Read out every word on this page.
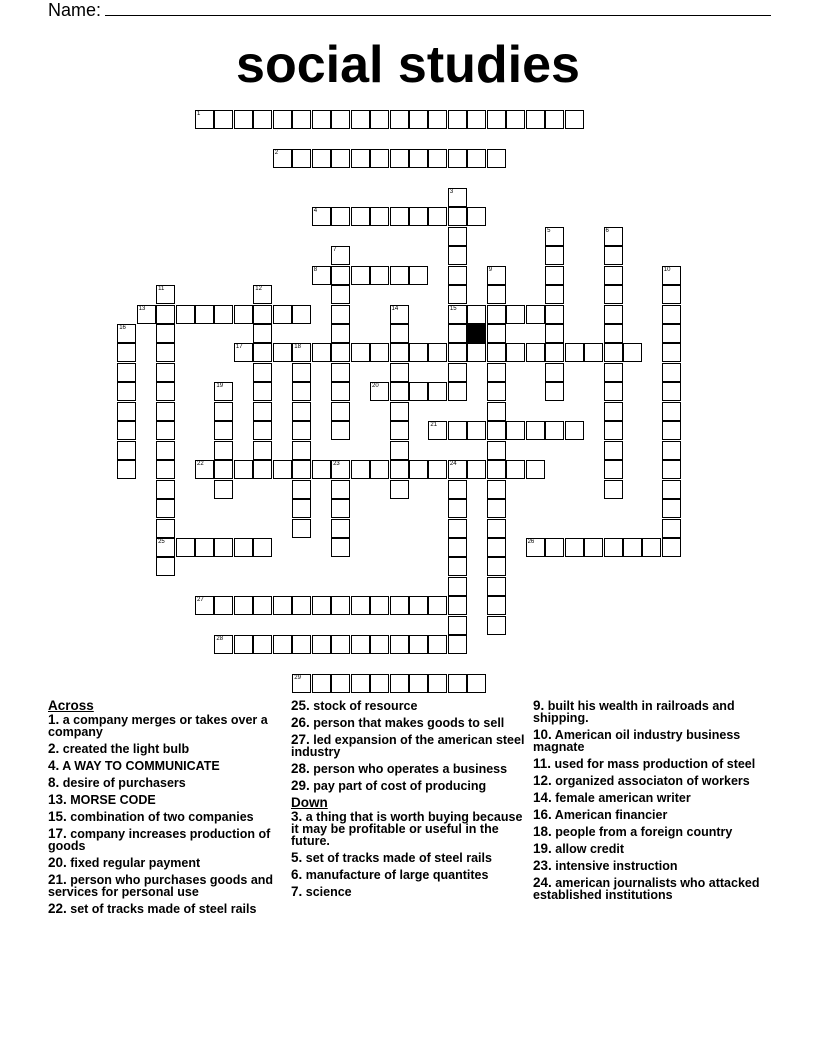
Name:
social studies
1
2
4
8
13	15
17	18
20
21
22	23	24
25	26
27
28
29
3
5	6
7
9	10
11	12
14
16
19
Across
1. a company merges or takes over a company
2. created the light bulb
4. A WAY TO COMMUNICATE
8. desire of purchasers
13. MORSE CODE
15. combination of two companies
17. company increases production of goods
20. fixed regular payment
21. person who purchases goods and services for personal use
22. set of tracks made of steel rails
25. stock of resource
26. person that makes goods to sell
27. led expansion of the american steel industry
28. person who operates a business
29. pay part of cost of producing
Down
3. a thing that is worth buying because it may be profitable or useful in the future.
5. set of tracks made of steel rails
6. manufacture of large quantites
7. science
9. built his wealth in railroads and shipping.
10. American oil industry business magnate
11. used for mass production of steel
12. organized associaton of workers
14. female american writer
16. American financier
18. people from a foreign country
19. allow credit
23. intensive instruction
24. american journalists who attacked established institutions
